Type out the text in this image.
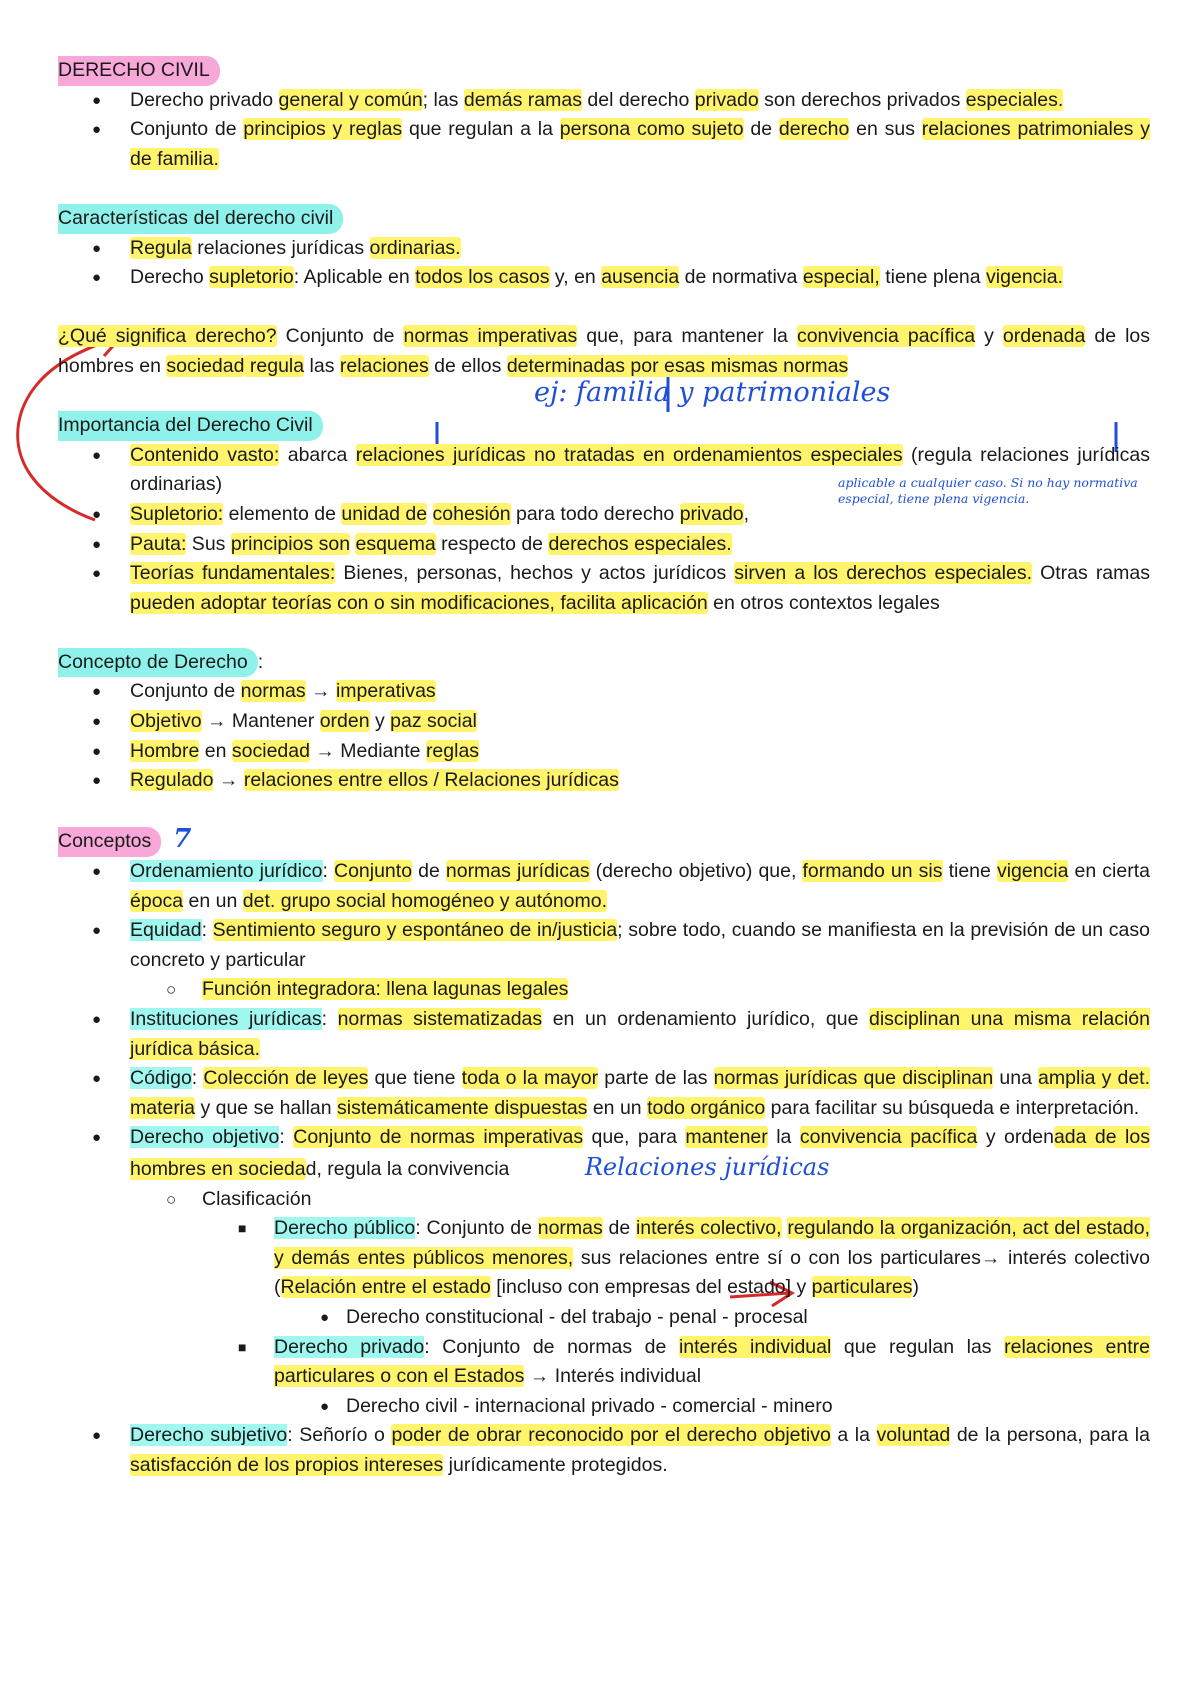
DERECHO CIVIL
● Derecho privado general y común; las demás ramas del derecho privado son derechos privados especiales.
● Conjunto de principios y reglas que regulan a la persona como sujeto de derecho en sus relaciones patrimoniales y de familia.
Características del derecho civil
● Regula relaciones jurídicas ordinarias.
● Derecho supletorio: Aplicable en todos los casos y, en ausencia de normativa especial, tiene plena vigencia.

¿Qué significa derecho? Conjunto de normas imperativas que, para mantener la convivencia pacífica y ordenada de los hombres en sociedad regula las relaciones de ellos determinadas por esas mismas normas

ej: familia y patrimoniales
Importancia del Derecho Civil
● Contenido vasto: abarca relaciones jurídicas no tratadas en ordenamientos especiales (regula relaciones jurídicas ordinarias)
● Supletorio: elemento de unidad de cohesión para todo derecho privado,
● Pauta: Sus principios son esquema respecto de derechos especiales.
● Teorías fundamentales: Bienes, personas, hechos y actos jurídicos sirven a los derechos especiales. Otras ramas pueden adoptar teorías con o sin modificaciones, facilita aplicación en otros contextos legales
aplicable a cualquier caso. Si no hay normativa especial, tiene plena vigencia.
Concepto de Derecho :
● Conjunto de normas → imperativas
● Objetivo → Mantener orden y paz social
● Hombre en sociedad → Mediante reglas
● Regulado → relaciones entre ellos / Relaciones jurídicas
Conceptos 7
● Ordenamiento jurídico: Conjunto de normas jurídicas (derecho objetivo) que, formando un sis tiene vigencia en cierta época en un det. grupo social homogéneo y autónomo.
● Equidad: Sentimiento seguro y espontáneo de in/justicia; sobre todo, cuando se manifiesta en la previsión de un caso concreto y particular
○ Función integradora: llena lagunas legales
● Instituciones jurídicas: normas sistematizadas en un ordenamiento jurídico, que disciplinan una misma relación jurídica básica.
● Código: Colección de leyes que tiene toda o la mayor parte de las normas jurídicas que disciplinan una amplia y det. materia y que se hallan sistemáticamente dispuestas en un todo orgánico para facilitar su búsqueda e interpretación.
● Derecho objetivo: Conjunto de normas imperativas que, para mantener la convivencia pacífica y ordenada de los hombres en sociedad, regula la convivencia	Relaciones jurídicas
○ Clasificación
■ Derecho público: Conjunto de normas de interés colectivo, regulando la organización, act del estado, y demás entes públicos menores, sus relaciones entre sí o con los particulares→ interés colectivo (Relación entre el estado [incluso con empresas del estado] y particulares)
● Derecho constitucional - del trabajo - penal - procesal
■ Derecho privado: Conjunto de normas de interés individual que regulan las relaciones entre particulares o con el Estados → Interés individual
● Derecho civil - internacional privado - comercial - minero
● Derecho subjetivo: Señorío o poder de obrar reconocido por el derecho objetivo a la voluntad de la persona, para la satisfacción de los propios intereses jurídicamente protegidos.
